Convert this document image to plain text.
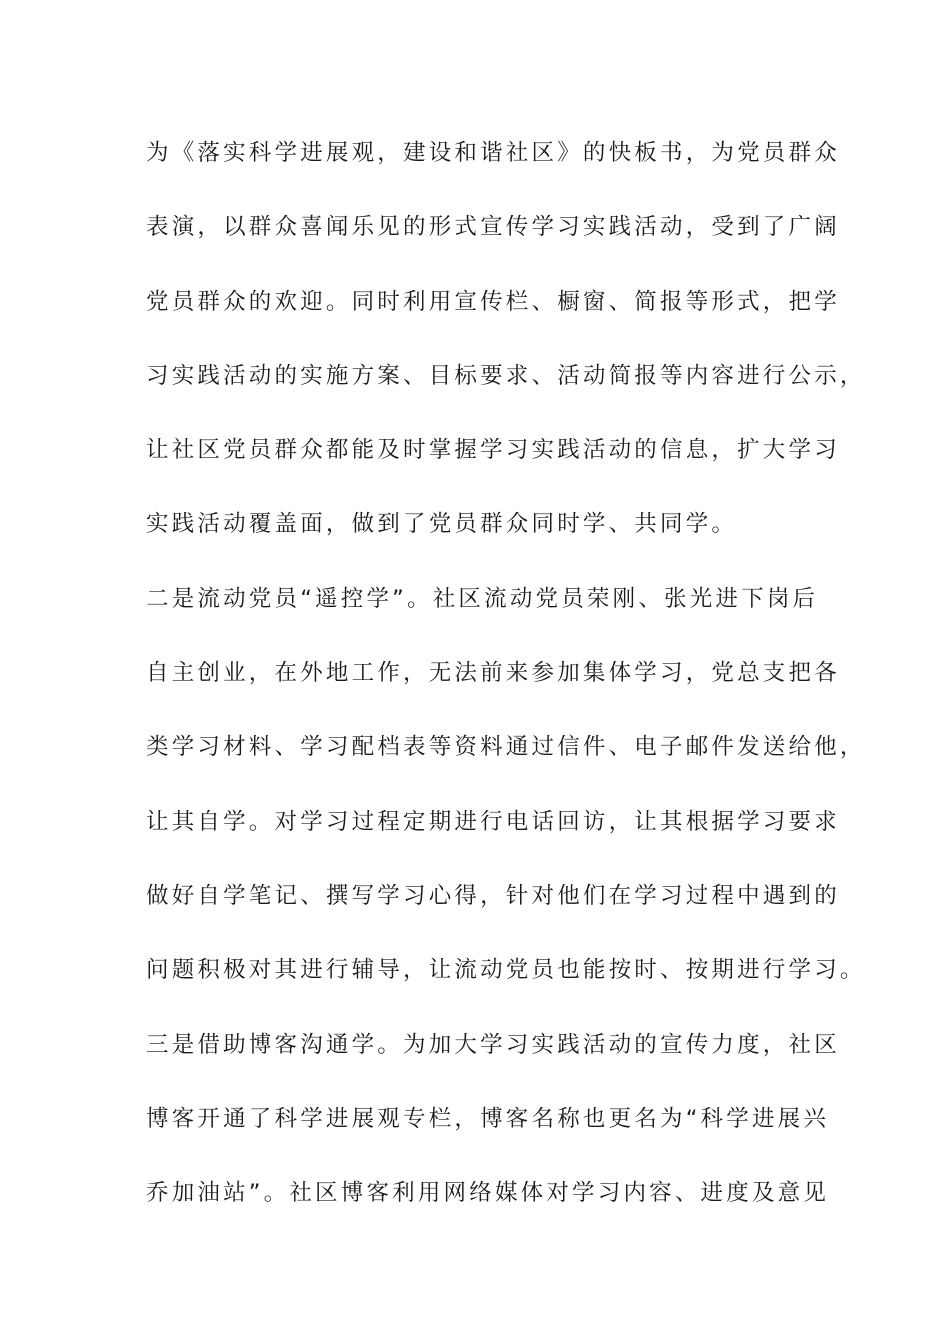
为《落实科学进展观，建设和谐社区》的快板书，为党员群众
表演，以群众喜闻乐见的形式宣传学习实践活动，受到了广阔
党员群众的欢迎。同时利用宣传栏、橱窗、简报等形式，把学
习实践活动的实施方案、目标要求、活动简报等内容进行公示，
让社区党员群众都能及时掌握学习实践活动的信息，扩大学习
实践活动覆盖面，做到了党员群众同时学、共同学。
二是流动党员“遥控学”。社区流动党员荣刚、张光进下岗后
自主创业，在外地工作，无法前来参加集体学习，党总支把各
类学习材料、学习配档表等资料通过信件、电子邮件发送给他，
让其自学。对学习过程定期进行电话回访，让其根据学习要求
做好自学笔记、撰写学习心得，针对他们在学习过程中遇到的
问题积极对其进行辅导，让流动党员也能按时、按期进行学习。
三是借助博客沟通学。为加大学习实践活动的宣传力度，社区
博客开通了科学进展观专栏，博客名称也更名为“科学进展兴
乔加油站”。社区博客利用网络媒体对学习内容、进度及意见
